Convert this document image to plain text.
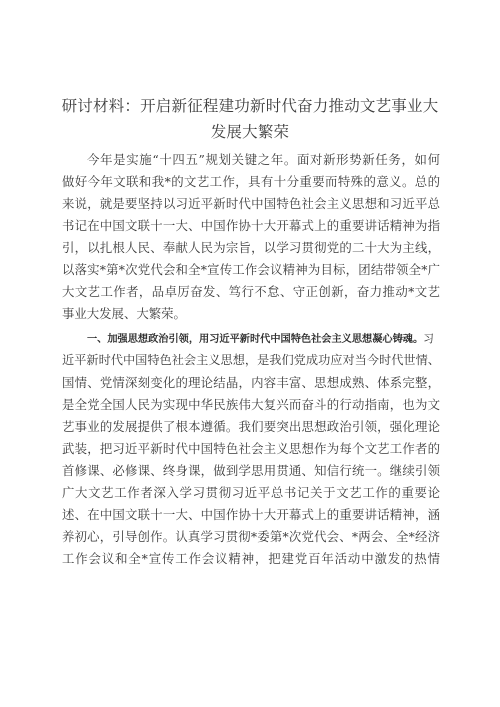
研讨材料：开启新征程建功新时代奋力推动文艺事业大
发展大繁荣
今年是实施“十四五”规划关键之年。面对新形势新任务，如何
做好今年文联和我*的文艺工作，具有十分重要而特殊的意义。总的
来说，就是要坚持以习近平新时代中国特色社会主义思想和习近平总
书记在中国文联十一大、中国作协十大开幕式上的重要讲话精神为指
引，以扎根人民、奉献人民为宗旨，以学习贯彻党的二十大为主线，
以落实*第*次党代会和全*宣传工作会议精神为目标，团结带领全*广
大文艺工作者，品卓厉奋发、笃行不怠、守正创新，奋力推动*文艺
事业大发展、大繁荣。
一、加强思想政治引领，用习近平新时代中国特色社会主义思想凝心铸魂。习
近平新时代中国特色社会主义思想，是我们党成功应对当今时代世情、
国情、党情深刻变化的理论结晶，内容丰富、思想成熟、体系完整，
是全党全国人民为实现中华民族伟大复兴而奋斗的行动指南，也为文
艺事业的发展提供了根本遵循。我们要突出思想政治引领，强化理论
武装，把习近平新时代中国特色社会主义思想作为每个文艺工作者的
首修课、必修课、终身课，做到学思用贯通、知信行统一。继续引领
广大文艺工作者深入学习贯彻习近平总书记关于文艺工作的重要论
述、在中国文联十一大、中国作协十大开幕式上的重要讲话精神，涵
养初心，引导创作。认真学习贯彻*委第*次党代会、*两会、全*经济
工作会议和全*宣传工作会议精神，把建党百年活动中激发的热情
